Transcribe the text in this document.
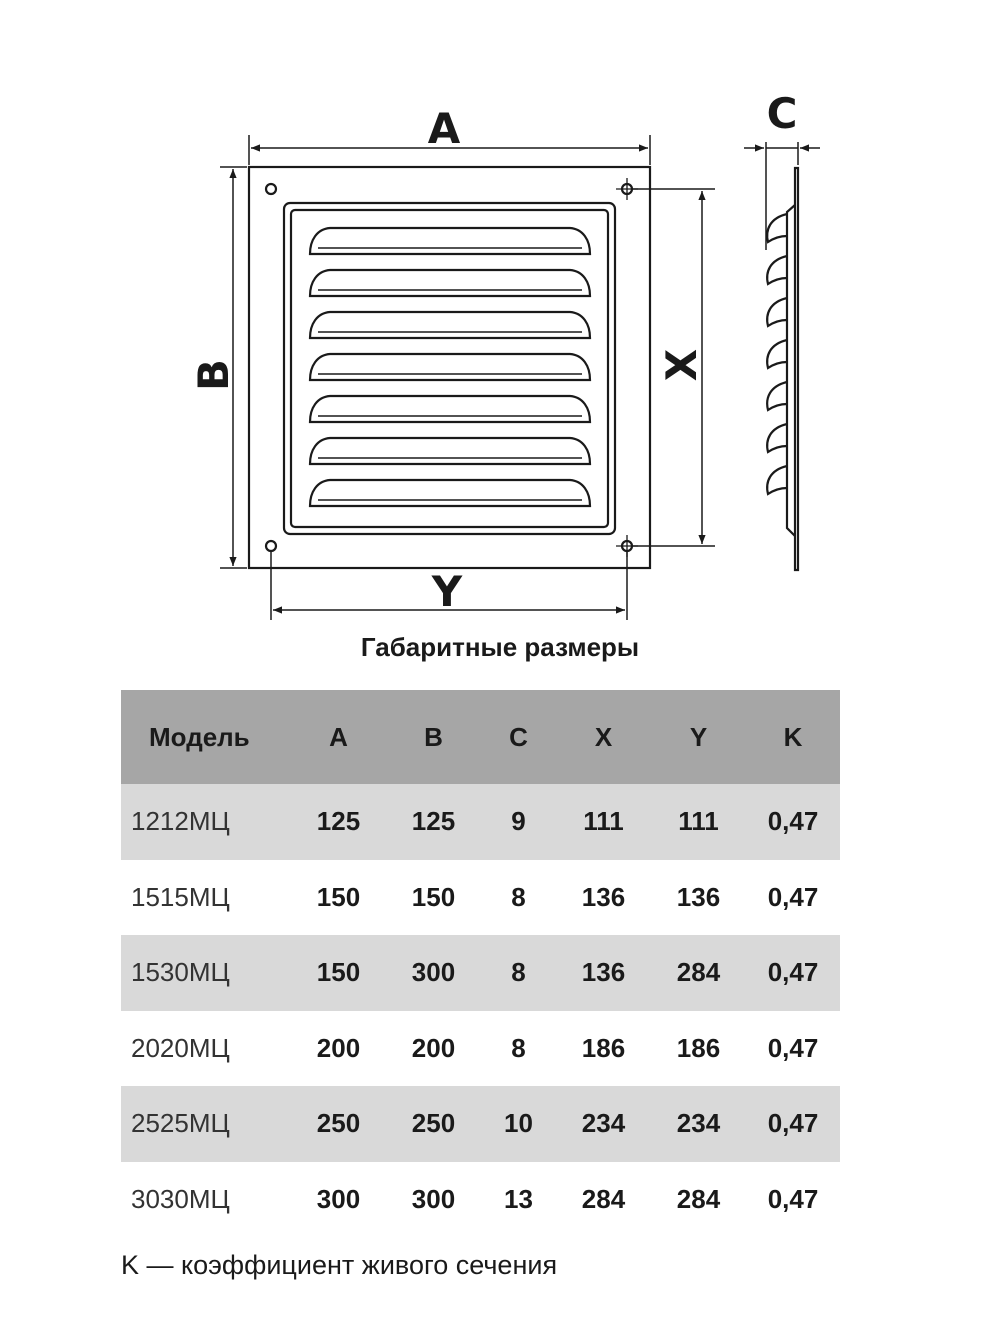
A
B	X
Y
C
Габаритные размеры
Модель	A	B	C	X	Y	K
1212МЦ	125	125	9	111	111	0,47
1515МЦ	150	150	8	136	136	0,47
1530МЦ	150	300	8	136	284	0,47
2020МЦ	200	200	8	186	186	0,47
2525МЦ	250	250	10	234	234	0,47
3030МЦ	300	300	13	284	284	0,47
K — коэффициент живого сечения
